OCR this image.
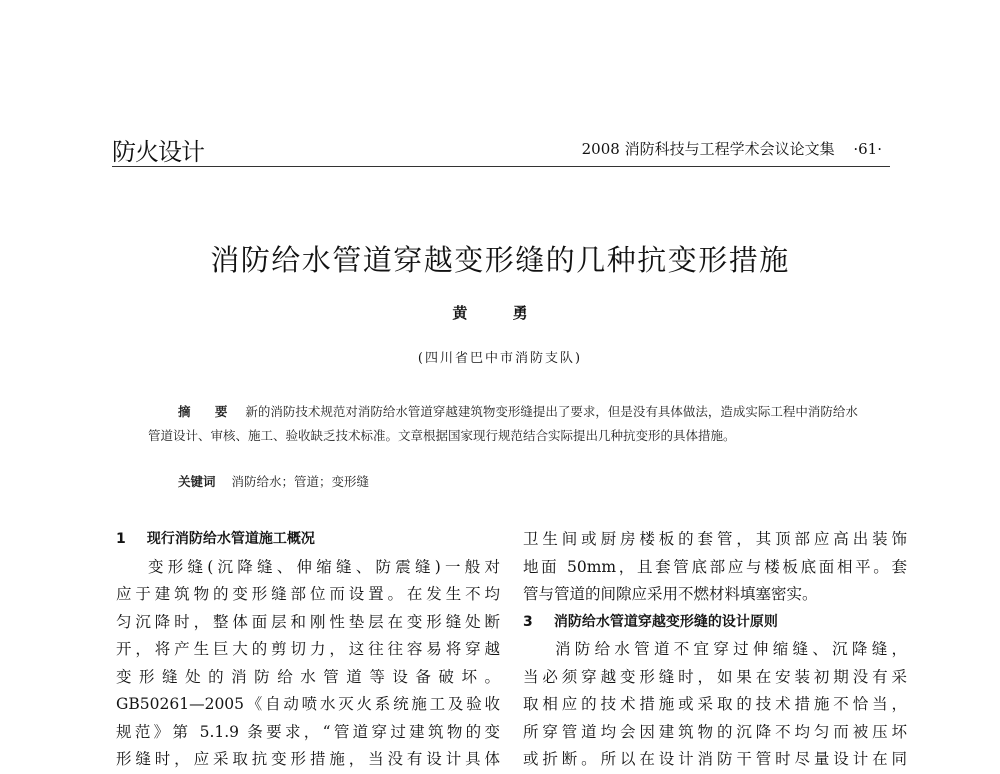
防火设计	2008 消防科技与工程学术会议论文集 ·61·
消防给水管道穿越变形缝的几种抗变形措施
黄 勇
(四川省巴中市消防支队)
摘 要 新的消防技术规范对消防给水管道穿越建筑物变形缝提出了要求，但是没有具体做法，造成实际工程中消防给水管道设计、审核、施工、验收缺乏技术标准。文章根据国家现行规范结合实际提出几种抗变形的具体措施。
关键词 消防给水；管道；变形缝
1 现行消防给水管道施工概况
变形缝(沉降缝、伸缩缝、防震缝)一般对
应于建筑物的变形缝部位而设置。在发生不均
匀沉降时，整体面层和刚性垫层在变形缝处断
开，将产生巨大的剪切力，这往往容易将穿越
变形缝处的消防给水管道等设备破坏。
GB50261—2005《自动喷水灭火系统施工及验收
规范》第 5.1.9 条要求，“管道穿过建筑物的变
形缝时，应采取抗变形措施，当没有设计具体
卫生间或厨房楼板的套管，其顶部应高出装饰
地面 50mm，且套管底部应与楼板底面相平。套
管与管道的间隙应采用不燃材料填塞密实。
3 消防给水管道穿越变形缝的设计原则
消防给水管道不宜穿过伸缩缝、沉降缝，
当必须穿越变形缝时，如果在安装初期没有采
取相应的技术措施或采取的技术措施不恰当，
所穿管道均会因建筑物的沉降不均匀而被压坏
或折断。所以在设计消防干管时尽量设计在同
